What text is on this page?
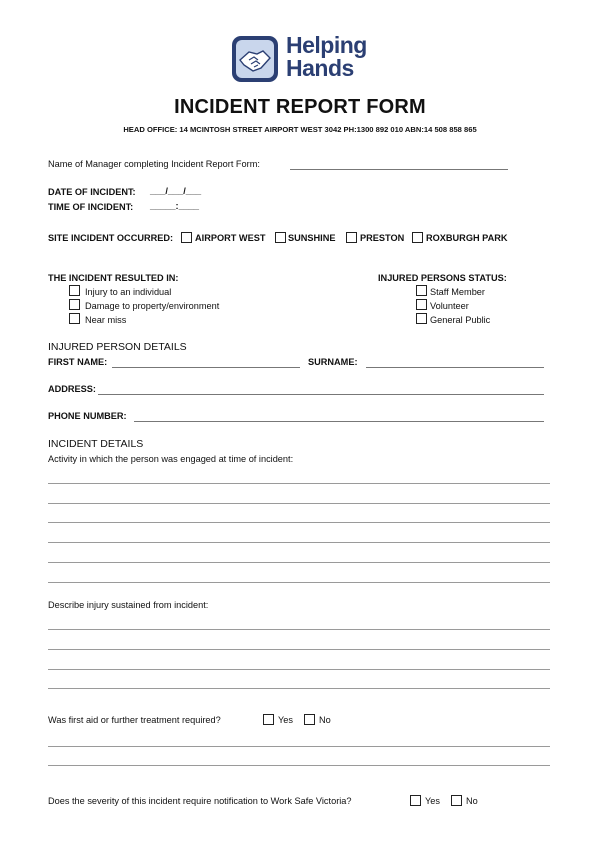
Helping
Hands
INCIDENT REPORT FORM
HEAD OFFICE: 14 MCINTOSH STREET AIRPORT WEST 3042 PH:1300 892 010 ABN:14 508 858 865
Name of Manager completing Incident Report Form:
DATE OF INCIDENT: ___/___/___
TIME OF INCIDENT: _____:____
SITE INCIDENT OCCURRED: AIRPORT WEST SUNSHINE	PRESTON ROXBURGH PARK
THE INCIDENT RESULTED IN:
Injury to an individual
Damage to property/environment
Near miss
INJURED PERSONS STATUS:
Staff Member
Volunteer
General Public
INJURED PERSON DETAILS
FIRST NAME:	SURNAME:
ADDRESS:
PHONE NUMBER:
INCIDENT DETAILS
Activity in which the person was engaged at time of incident:
Describe injury sustained from incident:
Was first aid or further treatment required?	Yes	No
Does the severity of this incident require notification to Work Safe Victoria?	Yes	No
